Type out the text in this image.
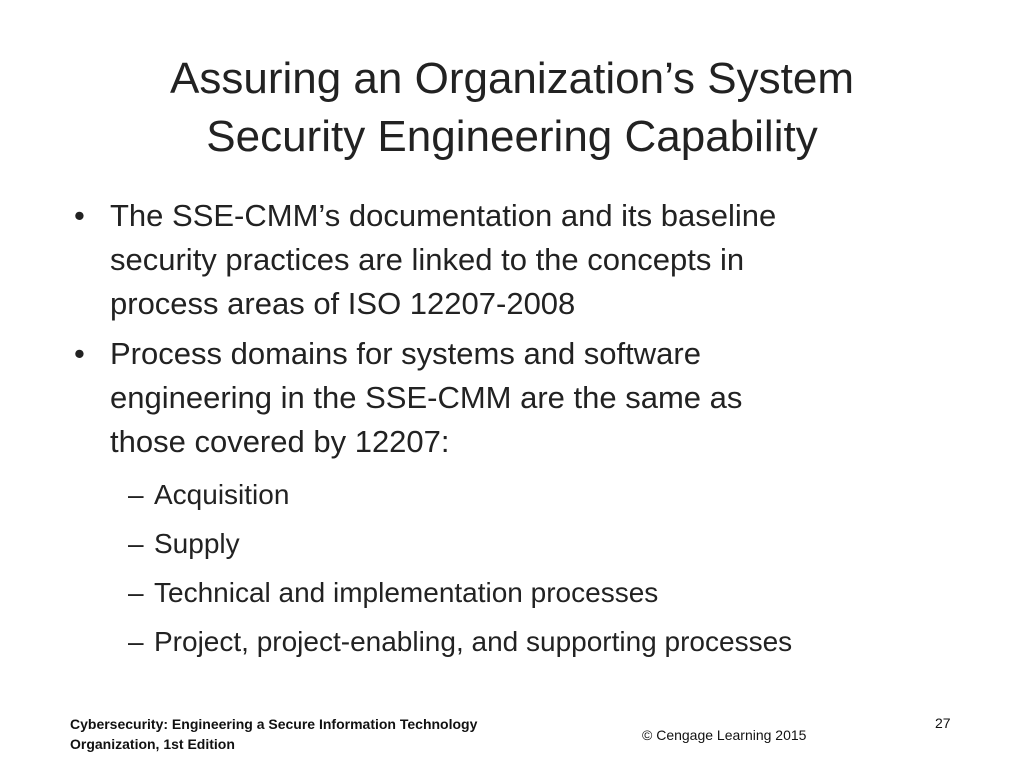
Assuring an Organization’s System
Security Engineering Capability
• The SSE-CMM’s documentation and its baseline
security practices are linked to the concepts in
process areas of ISO 12207-2008
• Process domains for systems and software
engineering in the SSE-CMM are the same as
those covered by 12207:
– Acquisition
– Supply
– Technical and implementation processes
– Project, project-enabling, and supporting processes
Cybersecurity: Engineering a Secure Information Technology
Organization, 1st Edition
© Cengage Learning 2015
27
